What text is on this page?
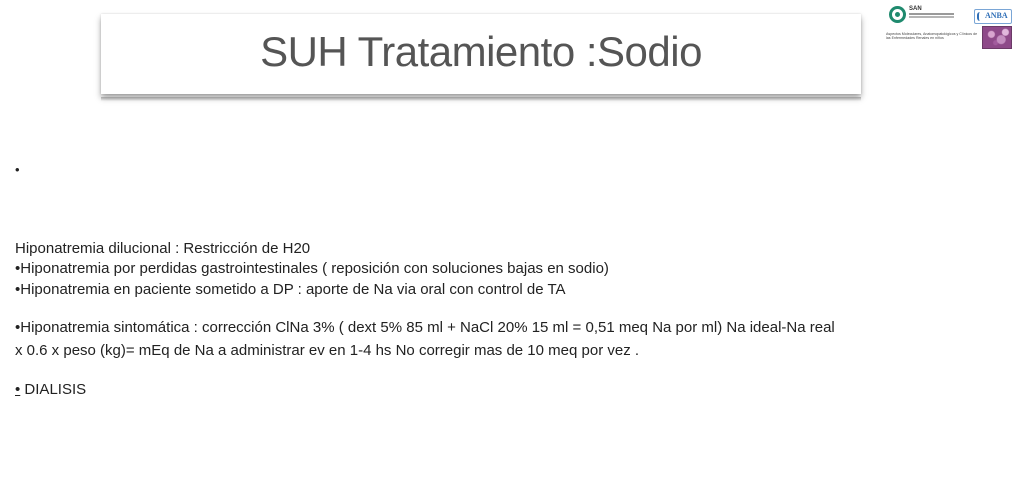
SUH Tratamiento :Sodio
SAN
ANBA
Aspectos Moleculares, Anatomopatológicos y Clínicos de las Enfermedades Renales en niños
•
Hiponatremia dilucional : Restricción de H20
•Hiponatremia por perdidas gastrointestinales ( reposición con soluciones bajas en sodio)
•Hiponatremia en paciente sometido a DP : aporte de Na via oral con control de TA
•Hiponatremia sintomática : corrección ClNa 3% ( dext 5% 85 ml + NaCl 20% 15 ml = 0,51 meq Na por ml) Na ideal-Na real
x 0.6 x peso (kg)= mEq de Na a administrar ev en 1-4 hs No corregir mas de 10 meq por vez .
• DIALISIS
